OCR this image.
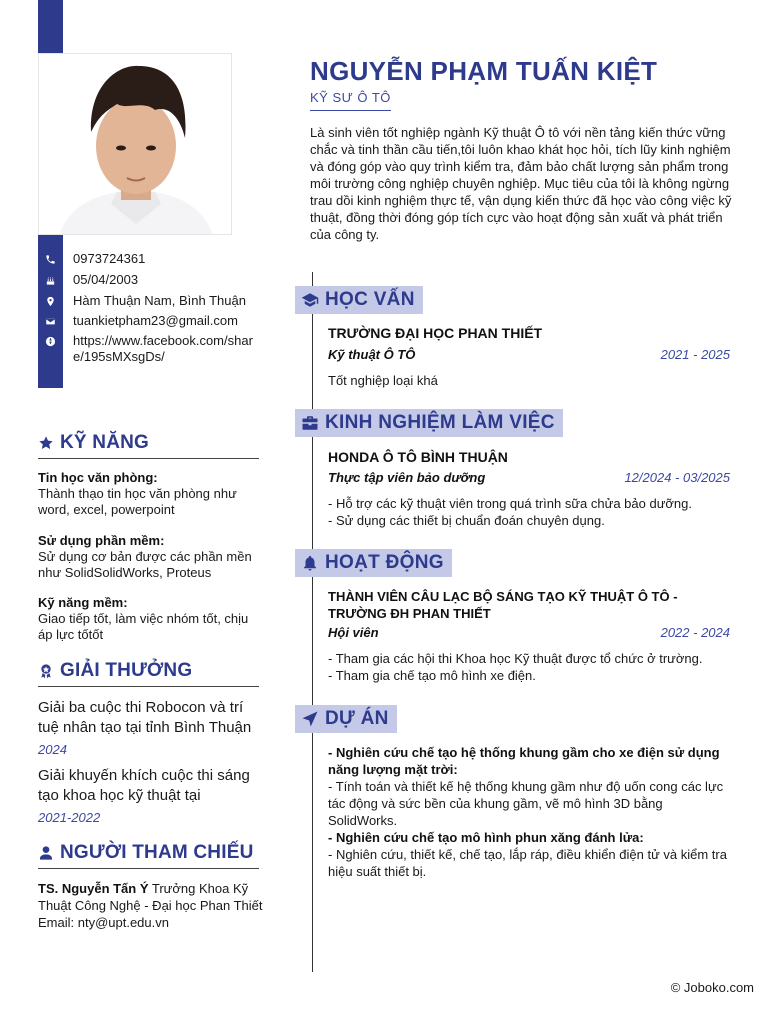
0973724361
05/04/2003
Hàm Thuận Nam, Bình Thuận
tuankietpham23@gmail.com
https://www.facebook.com/share/195sMXsgDs/
KỸ NĂNG
Tin học văn phòng:
Thành thạo tin học văn phòng như word, excel, powerpoint
Sử dụng phần mềm:
Sử dụng cơ bản được các phần mền như SolidSolidWorks, Proteus
Kỹ năng mềm:
Giao tiếp tốt, làm việc nhóm tốt, chịu áp lực tốtốt
GIẢI THƯỞNG
Giải ba cuộc thi Robocon và trí tuệ nhân tạo tại tỉnh Bình Thuận
2024
Giải khuyến khích cuộc thi sáng tạo khoa học kỹ thuật tại
2021-2022
NGƯỜI THAM CHIẾU
TS. Nguyễn Tấn Ý Trưởng Khoa Kỹ Thuật Công Nghệ - Đại học Phan Thiết Email: nty@upt.edu.vn
NGUYỄN PHẠM TUẤN KIỆT
KỸ SƯ Ô TÔ
Là sinh viên tốt nghiệp ngành Kỹ thuật Ô tô với nền tảng kiến thức vững chắc và tinh thần cầu tiến,tôi luôn khao khát học hỏi, tích lũy kinh nghiệm và đóng góp vào quy trình kiểm tra, đảm bảo chất lượng sản phẩm trong môi trường công nghiệp chuyên nghiệp. Mục tiêu của tôi là không ngừng trau dồi kinh nghiệm thực tế, vận dụng kiến thức đã học vào công việc kỹ thuật, đồng thời đóng góp tích cực vào hoạt động sản xuất và phát triển của công ty.
HỌC VẤN
TRƯỜNG ĐẠI HỌC PHAN THIẾT
Kỹ thuật Ô TÔ	2021 - 2025
Tốt nghiệp loại khá
KINH NGHIỆM LÀM VIỆC
HONDA Ô TÔ BÌNH THUẬN
Thực tập viên bảo dưỡng	12/2024 - 03/2025
- Hỗ trợ các kỹ thuật viên trong quá trình sữa chửa bảo dưỡng.
- Sử dụng các thiết bị chuẩn đoán chuyên dụng.
HOẠT ĐỘNG
THÀNH VIÊN CÂU LẠC BỘ SÁNG TẠO KỸ THUẬT Ô TÔ - TRƯỜNG ĐH PHAN THIẾT
Hội viên	2022 - 2024
- Tham gia các hội thi Khoa học Kỹ thuật được tổ chức ở trường.
- Tham gia chế tạo mô hình xe điện.
DỰ ÁN
- Nghiên cứu chế tạo hệ thống khung gầm cho xe điện sử dụng năng lượng mặt trời:
- Tính toán và thiết kế hệ thống khung gầm như độ uốn cong các lực tác động và sức bền của khung gầm, vẽ mô hình 3D bằng SolidWorks.
- Nghiên cứu chế tạo mô hình phun xăng đánh lửa:
- Nghiên cứu, thiết kế, chế tạo, lắp ráp, điều khiển điện tử và kiểm tra hiệu suất thiết bị.
© Joboko.com
